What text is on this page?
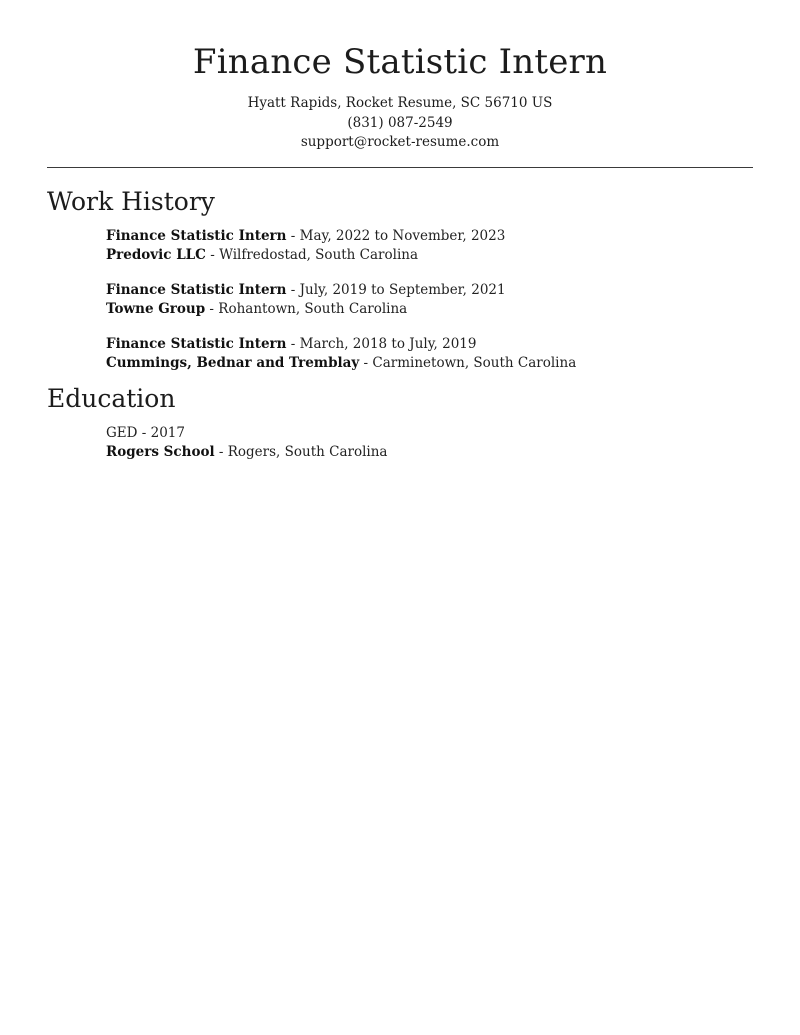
Finance Statistic Intern
Hyatt Rapids, Rocket Resume, SC 56710 US
(831) 087-2549
support@rocket-resume.com
Work History
Finance Statistic Intern - May, 2022 to November, 2023
Predovic LLC - Wilfredostad, South Carolina
Finance Statistic Intern - July, 2019 to September, 2021
Towne Group - Rohantown, South Carolina
Finance Statistic Intern - March, 2018 to July, 2019
Cummings, Bednar and Tremblay - Carminetown, South Carolina
Education
GED - 2017
Rogers School - Rogers, South Carolina
